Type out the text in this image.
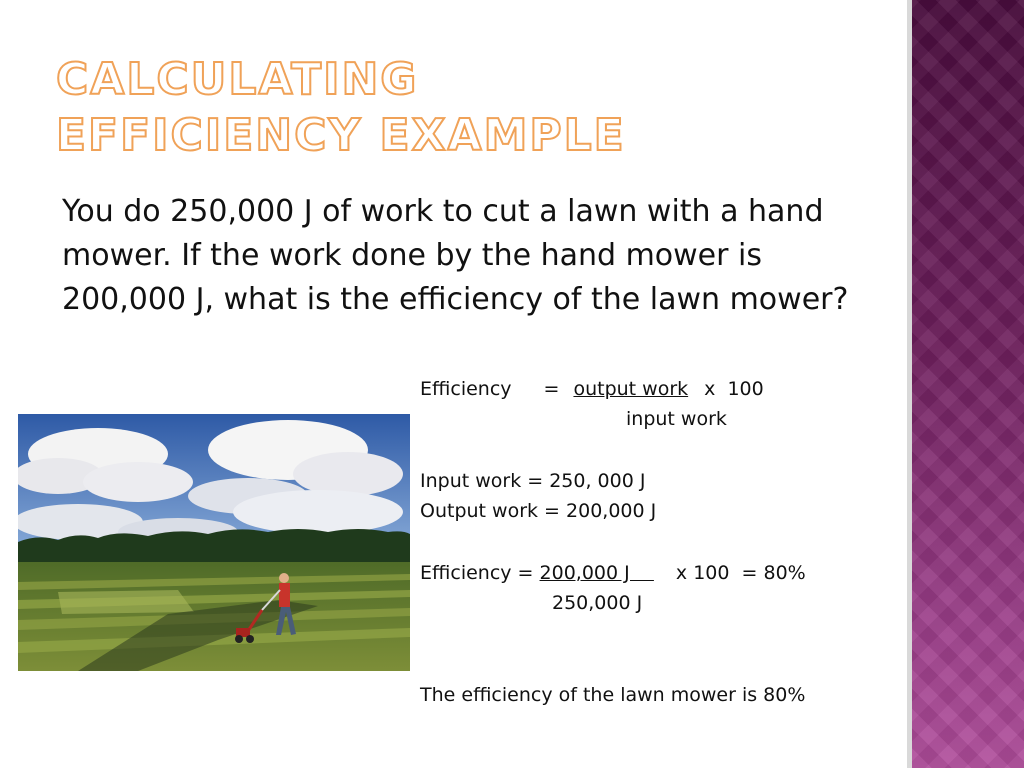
CALCULATING EFFICIENCY EXAMPLE

You do 250,000 J of work to cut a lawn with a hand mower. If the work done by the hand mower is 200,000 J, what is the efficiency of the lawn mower?

Efficiency = output work x  100
input work
Input work = 250, 000 J
Output work = 200,000 J
Efficiency = 200,000 J    x 100  = 80%
250,000 J
The efficiency of the lawn mower is 80%
